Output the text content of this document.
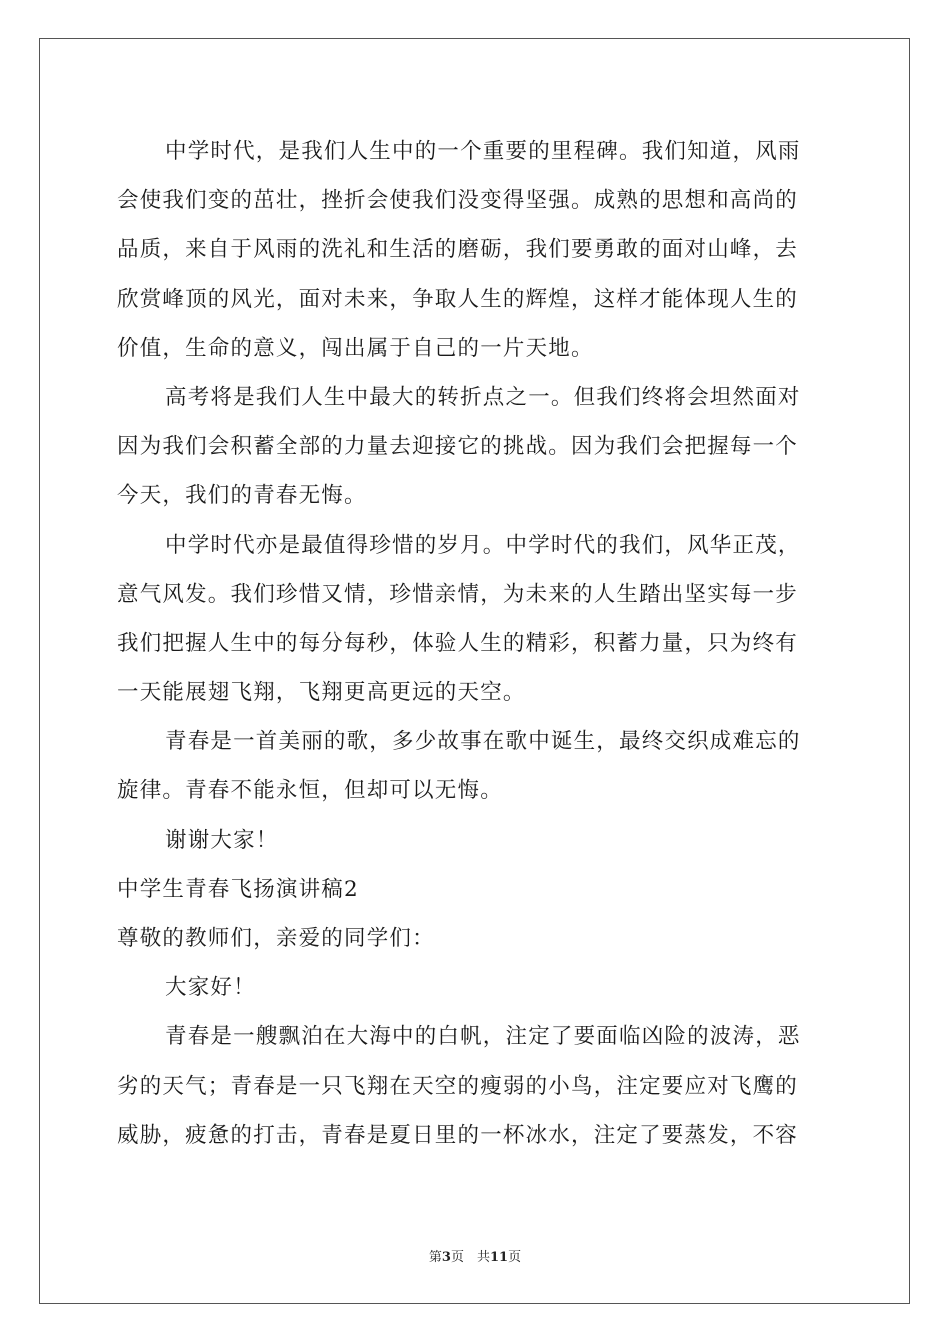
中学时代，是我们人生中的一个重要的里程碑。我们知道，风雨
会使我们变的茁壮，挫折会使我们没变得坚强。成熟的思想和高尚的
品质，来自于风雨的洗礼和生活的磨砺，我们要勇敢的面对山峰，去
欣赏峰顶的风光，面对未来，争取人生的辉煌，这样才能体现人生的
价值，生命的意义，闯出属于自己的一片天地。
高考将是我们人生中最大的转折点之一。但我们终将会坦然面对
因为我们会积蓄全部的力量去迎接它的挑战。因为我们会把握每一个
今天，我们的青春无悔。
中学时代亦是最值得珍惜的岁月。中学时代的我们，风华正茂，
意气风发。我们珍惜又情，珍惜亲情，为未来的人生踏出坚实每一步
我们把握人生中的每分每秒，体验人生的精彩，积蓄力量，只为终有
一天能展翅飞翔，飞翔更高更远的天空。
青春是一首美丽的歌，多少故事在歌中诞生，最终交织成难忘的
旋律。青春不能永恒，但却可以无悔。
谢谢大家！
中学生青春飞扬演讲稿2
尊敬的教师们，亲爱的同学们：
大家好！
青春是一艘飘泊在大海中的白帆，注定了要面临凶险的波涛，恶
劣的天气；青春是一只飞翔在天空的瘦弱的小鸟，注定要应对飞鹰的
威胁，疲惫的打击，青春是夏日里的一杯冰水，注定了要蒸发，不容
第3页　共11页
